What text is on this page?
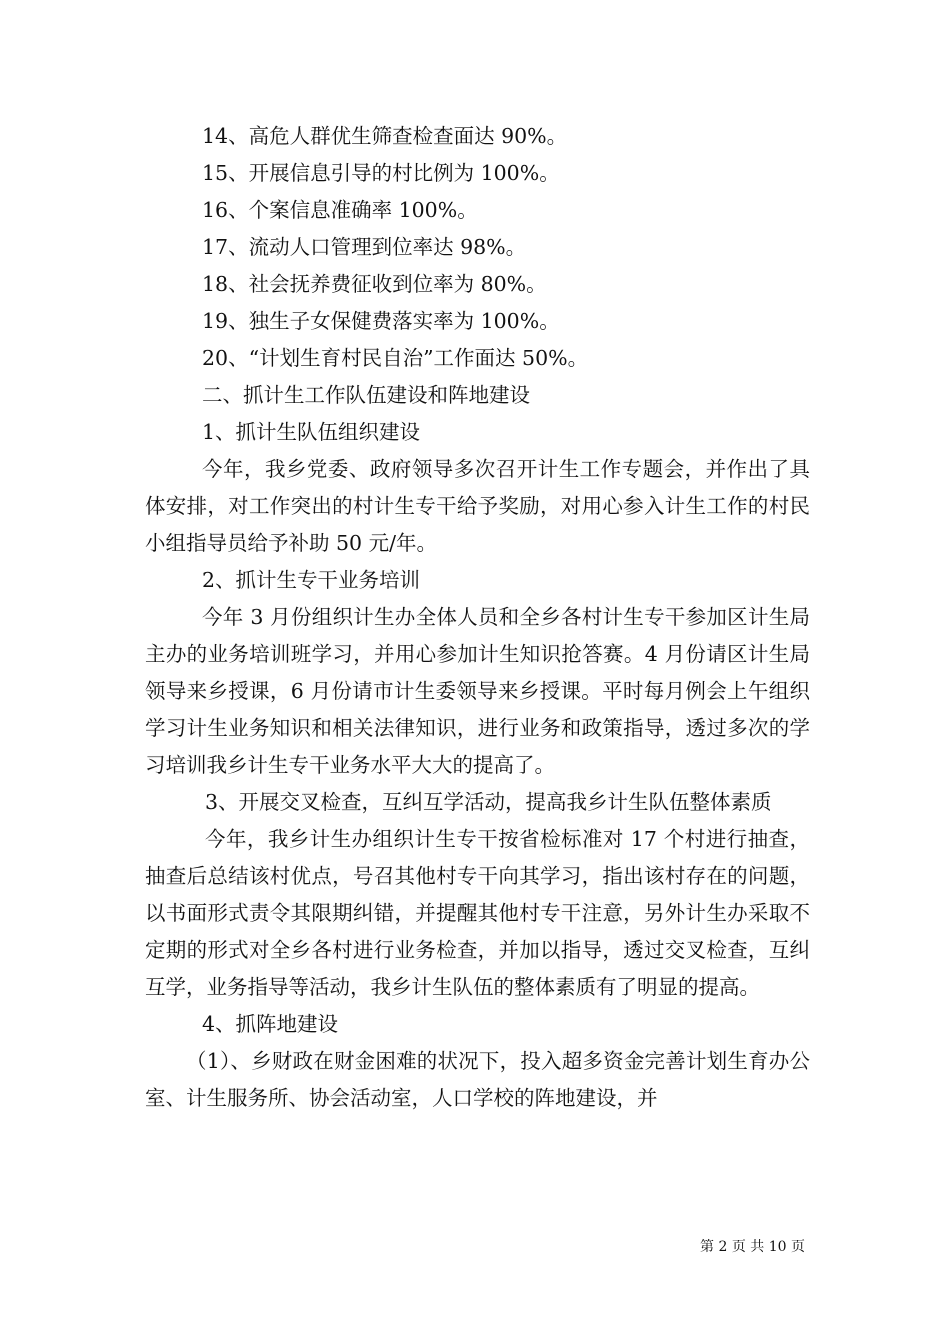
14、高危人群优生筛查检查面达 90%。

15、开展信息引导的村比例为 100%。

16、个案信息准确率 100%。

17、流动人口管理到位率达 98%。

18、社会抚养费征收到位率为 80%。

19、独生子女保健费落实率为 100%。

20、“计划生育村民自治”工作面达 50%。

二、抓计生工作队伍建设和阵地建设

1、抓计生队伍组织建设

今年，我乡党委、政府领导多次召开计生工作专题会，并作出了具体安排，对工作突出的村计生专干给予奖励，对用心参入计生工作的村民小组指导员给予补助 50 元/年。

2、抓计生专干业务培训

今年 3 月份组织计生办全体人员和全乡各村计生专干参加区计生局主办的业务培训班学习，并用心参加计生知识抢答赛。4 月份请区计生局领导来乡授课，6 月份请市计生委领导来乡授课。平时每月例会上午组织学习计生业务知识和相关法律知识，进行业务和政策指导，透过多次的学习培训我乡计生专干业务水平大大的提高了。

3、开展交叉检查，互纠互学活动，提高我乡计生队伍整体素质

今年，我乡计生办组织计生专干按省检标准对 17 个村进行抽查，抽查后总结该村优点，号召其他村专干向其学习，指出该村存在的问题，以书面形式责令其限期纠错，并提醒其他村专干注意，另外计生办采取不定期的形式对全乡各村进行业务检查，并加以指导，透过交叉检查，互纠互学，业务指导等活动，我乡计生队伍的整体素质有了明显的提高。

4、抓阵地建设

（1）、乡财政在财金困难的状况下，投入超多资金完善计划生育办公室、计生服务所、协会活动室，人口学校的阵地建设，并

第 2 页 共 10 页
